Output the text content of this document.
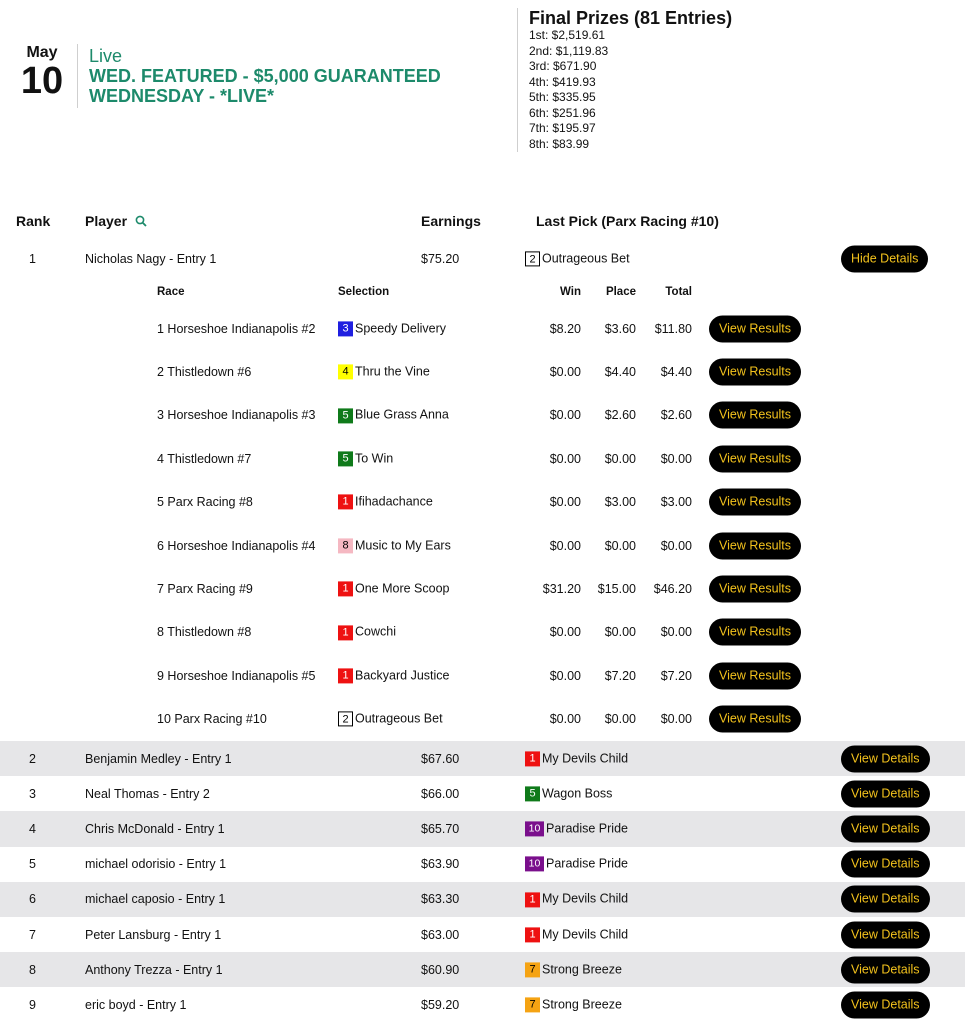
May
10
Live
WED. FEATURED - $5,000 GUARANTEED WEDNESDAY - *LIVE*
Final Prizes (81 Entries)
1st: $2,519.61
2nd: $1,119.83
3rd: $671.90
4th: $419.93
5th: $335.95
6th: $251.96
7th: $195.97
8th: $83.99
Rank Player	Earnings	Last Pick (Parx Racing #10)
1	Nicholas Nagy - Entry 1	$75.20	2 Outrageous Bet	Hide Details
Race	Selection	Win	Place	Total
1 Horseshoe Indianapolis #2	3 Speedy Delivery	$8.20	$3.60	$11.80	View Results
2 Thistledown #6	4 Thru the Vine	$0.00	$4.40	$4.40	View Results
3 Horseshoe Indianapolis #3	5 Blue Grass Anna	$0.00	$2.60	$2.60	View Results
4 Thistledown #7	5 To Win	$0.00	$0.00	$0.00	View Results
5 Parx Racing #8	1 Ifihadachance	$0.00	$3.00	$3.00	View Results
6 Horseshoe Indianapolis #4	8 Music to My Ears	$0.00	$0.00	$0.00	View Results
7 Parx Racing #9	1 One More Scoop	$31.20	$15.00	$46.20	View Results
8 Thistledown #8	1 Cowchi	$0.00	$0.00	$0.00	View Results
9 Horseshoe Indianapolis #5	1 Backyard Justice	$0.00	$7.20	$7.20	View Results
10 Parx Racing #10	2 Outrageous Bet	$0.00	$0.00	$0.00	View Results
2	Benjamin Medley - Entry 1	$67.60	1 My Devils Child	View Details
3	Neal Thomas - Entry 2	$66.00	5 Wagon Boss	View Details
4	Chris McDonald - Entry 1	$65.70	10 Paradise Pride	View Details
5	michael odorisio - Entry 1	$63.90	10 Paradise Pride	View Details
6	michael caposio - Entry 1	$63.30	1 My Devils Child	View Details
7	Peter Lansburg - Entry 1	$63.00	1 My Devils Child	View Details
8	Anthony Trezza - Entry 1	$60.90	7 Strong Breeze	View Details
9	eric boyd - Entry 1	$59.20	7 Strong Breeze	View Details
